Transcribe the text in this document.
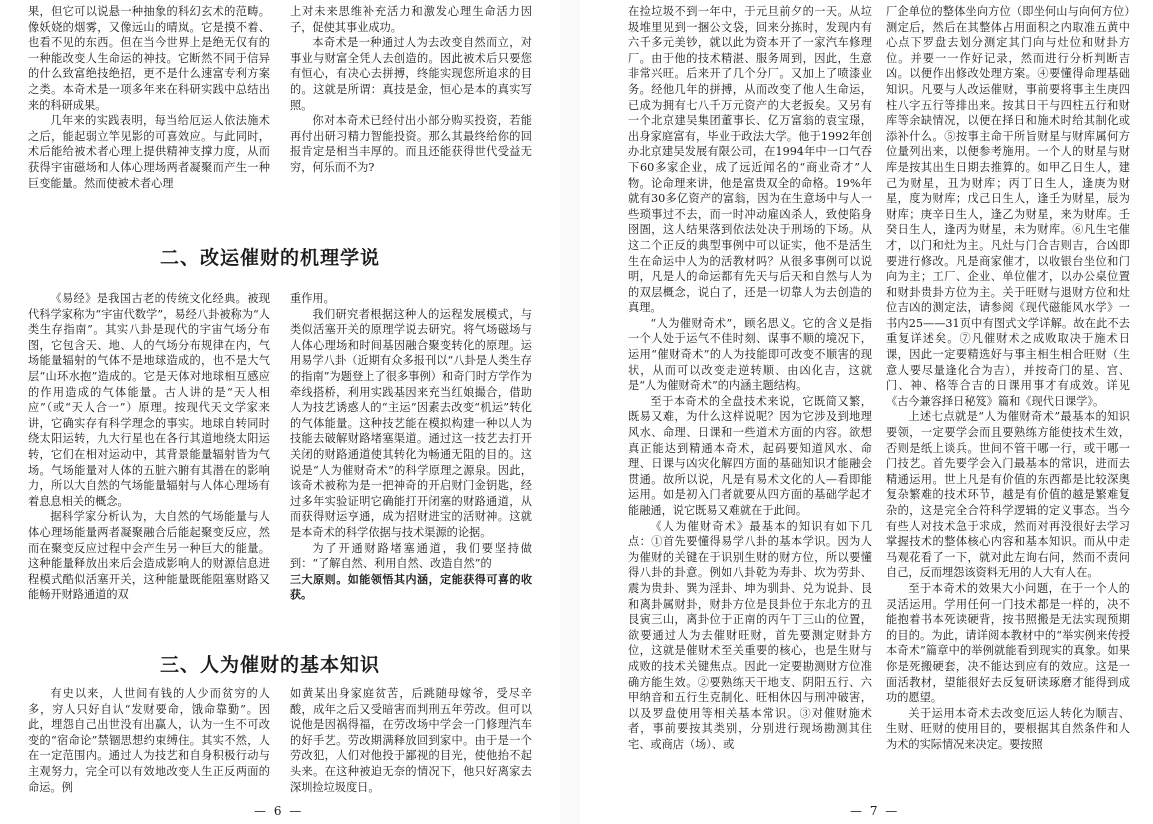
果，但它可以说悬一种抽象的科幻玄术的范畴。像妖娆的烟雾，又像远山的晴岚。它是摸不着、也看不见的东西。但在当今世界上是绝无仅有的一种能改变人生命运的神技。它断然不同于信异的什么致富绝技绝招，更不是什么速富专利方案之类。本奇术是一项多年来在科研实践中总结出来的科研成果。

几年来的实践表明，每当给厄运人依法施术之后，能起弱立竿见影的可喜效应。与此同时，术后能给被术者心理上提供精神支撑力度，从而获得宇宙磁场和人体心理场两者凝聚而产生一种巨变能量。然而使被术者心理

上对未来思维补充活力和激发心理生命活力因子，促使其事业成功。

本奇术是一种通过人为去改变自然而立，对事业与财富全凭人去创造的。因此被术后只要您有恒心，有决心去拼搏，终能实现您所追求的目的。这就是所谓：真技是金，恒心是本的真实写照。

你对本奇术已经付出小部分购买投资，若能再付出研习精力智能投资。那么其最终给你的回报肯定是相当丰厚的。而且还能获得世代受益无穷，何乐而不为?

二、改运催财的机理学说

《易经》是我国古老的传统文化经典。被现代科学家称为“宇宙代数学”，易经八卦被称为“人类生存指南”。其实八卦是现代的宇宙气场分布图，它包含天、地、人的气场分布规律在内，气场能量辐射的气体不是地球造成的，也不是大气层“山环水抱”造成的。它是天体对地球相互感应的作用造成的气体能量。古人讲的是“天人相应”（或“天人合一”）原理。按现代天文学家来讲，它确实存有科学理念的事实。地球自转同时绕太阳运转，九大行星也在各行其道地绕太阳运转，它们在相对运动中，其背景能量辐射皆为气场。气场能量对人体的五脏六腑有其潜在的影响力，所以大自然的气场能量辐射与人体心理场有着息息相关的概念。

据科学家分析认为，大自然的气场能量与人体心理场能量两者凝聚融合后能起聚变反应，然而在聚变反应过程中会产生另一种巨大的能量。这种能量释放出来后会造成影响人的财源信息进程模式酷似活塞开关，这种能量既能阻塞财路又能畅开财路通道的双

重作用。

我们研究者根据这种人的运程发展模式，与类似活塞开关的原理学说去研究。将气场磁场与人体心理场和时间基因融合聚变转化的原理。运用易学八卦（近期有众多报刊以“八卦是人类生存的指南”为题登上了很多事例）和奇门时方学作为牵线搭桥，利用实践基因来充当红娘撮合，借助人为技艺诱惑人的“主运”因素去改变“机运”转化的气体能量。这种技艺能在模拟构建一种以人为技能去破解财路堵塞渠道。通过这一技艺去打开关闭的财路通道使其转化为畅通无阻的目的。这说是“人为催财奇术”的科学原理之源泉。因此，该奇术被称为是一把神奇的开启财门金钥匙，经过多年实验证明它确能打开闭塞的财路通道，从而获得财运亨通，成为招财进宝的活财神。这就是本奇术的科学依据与技术渠源的论据。

为了开通财路堵塞通道，我们要坚持做到：“了解自然、利用自然、改造自然”的

三大原则。如能领悟其内涵，定能获得可喜的收获。

三、人为催财的基本知识

有史以来，人世间有钱的人少而贫穷的人多，穷人只好自认“发财要命，饿命靠勤”。因此，埋怨自己出世没有出赢人，认为一生不可改变的“宿命论”禁锢思想约束缚住。其实不然，人在一定范围内。通过人为技艺和自身积极行动与主观努力，完全可以有效地改变人生正反两面的命运。例

如黄某出身家庭贫苦，后跳随母嫁爷，受尽辛酸，成年之后又受暗害而判刑五年劳改。但可以说他是因祸得福，在劳改场中学会一门修理汽车的好手艺。劳改期满释放回到家中。由于是一个劳改犯，人们对他投于鄙视的目光，使他抬不起头来。在这种被迫无奈的情况下，他只好离家去深圳捡垃圾度日。

— 6 —

在捡垃圾不到一年中，于元旦前夕的一天。从垃圾堆里见到一捆公文袋，回来分拣时，发现内有六千多元美钞，就以此为资本开了一家汽车修理厂。由于他的技术精湛、服务周到，因此，生意非常兴旺。后来开了几个分厂。又加上了喷漆业务。经他几年的拼搏，从而改变了他人生命运，已成为拥有七八千万元资产的大老扳矣。又另有一个北京建吴集团董事长、亿万富翁的袁宝璟，出身家庭富有，毕业于政法大学。他于1992年创办北京建吴发展有限公司，在1994年中一口气吞下60多家企业，成了远近闻名的“商业奇才”人物。论命理来讲，他是富贵双全的命格。19%年就有30多亿资产的富翁，因为在生意场中与人一些琐事过不去，而一时冲动雇凶杀人，致使陷身囹圄，这人结果落到依法处决于刑场的下场。从这二个正反的典型事例中可以证实，他不是活生生在命运中人为的活教材吗？从很多事例可以说明，凡是人的命运都有先天与后天和自然与人为的双层概念，说白了，还是一切靠人为去创造的真理。

“人为催财奇术”，顾名思义。它的含义是指一个人处于运气不佳时刻、谋事不顺的境况下，运用“催财奇术”的人为技能即可改变不顺害的现状，从而可以改变走逆转顺、由凶化吉，这就是“人为催财奇术”的内涵主题结构。

至于本奇术的全盘技术来说，它既简又繁，既易又难，为什么这样说呢？因为它涉及到地理风水、命理、日课和一些道术方面的内容。欲想真正能达到精通本奇术，起码要知道风水、命理、日课与凶灾化解四方面的基础知识才能融会贯通。故所以说，凡是有易术文化的人—看即能运用。如是初入门者就要从四方面的基础学起才能融通，说它既易又难就在于此间。

《人为催财奇术》最基本的知识有如下几点：①首先要懂得易学八卦的基本学识。因为人为催财的关键在于识别生财的财方位，所以要懂得八卦的卦意。例如八卦乾为寿卦、坎为劳卦、震为贵卦、巽为淫卦、坤为驯卦、兑为说卦、艮和离卦属财卦，财卦方位是艮卦位于东北方的丑艮寅三山，离卦位于正南的丙午丁三山的位置，欲要通过人为去催财旺财，首先要测定财卦方位，这就是催财术至关重要的核心，也是生财与成败的技术关键焦点。因此一定要勘测财方位准确方能生效。②要熟练天干地支、阴阳五行、六甲纳音和五行生克制化、旺相休囚与刑冲破害，以及罗盘使用等相关基本常识。③对催财施术者，事前要按其类别，分别进行现场勘测其住宅、或商店（场）、或

厂企单位的整体坐向方位（即坐何山与向何方位）测定后，然后在其整体占用面积之内取准五黄中心点下罗盘去划分测定其门向与灶位和财卦方位。并要一一作好记录，然而进行分析判断吉凶。以便作出修改处理方案。④要懂得命理基础知识。凡要与人改运催财，事前要将事主生庚四柱八字五行等排出来。按其日干与四柱五行和财库等余缺情况，以便在择日和施术时给其制化或添补什么。⑤按事主命干所旨财星与财库属何方位量列出来，以便参考施用。一个人的财星与财库是按其出生日期去推算的。如甲乙日生人，建己为财星，丑为财库；丙丁日生人，逢庚为财星，度为财库；戊己日生人，逢壬为财星，辰为财库；庚辛日生人，逢乙为财星，来为财库。壬癸日生人，逢丙为财星，未为财库。⑥凡生宅催才，以门和灶为主。凡灶与门合吉则吉，合凶即要进行修改。凡是商家催才，以收银台坐位和门向为主；工厂、企业、单位催才，以办公桌位置和财卦贵卦方位为主。关于旺财与退财方位和灶位吉凶的测定法，请参阅《现代磁能风水学》一书内25——31页中有图式文学详解。故在此不去重复详述矣。⑦凡催财术之成败取决于施术日课，因此一定要精选好与事主相生相合旺财（生意人要尽量逢化合为吉），并按奇门的星、宫、门、神、格等合吉的日课用事才有成效。详见《古今兼容择日秘笈》篇和《现代日课学》。

上述七点就是“人为催财奇术”最基本的知识要领，一定要学会而且要熟练方能使技术生效，否则是纸上谈兵。世间不管干哪一行，或干哪一门技艺。首先要学会入门最基本的常识，进而去精通运用。世上凡是有价值的东西都是比较深奥复杂繁难的技术环节，越是有价值的越是繁难复杂的，这是完全合符科学逻辑的定义事态。当今有些人对技术急于求成，然而对再没很好去学习掌握技术的整体核心内容和基本知识。而从中走马观花看了一下，就对此左询右问，然而不责问自己，反而埋怨该资料无用的人大有人在。

至于本奇术的效果大小问题，在于一个人的灵活运用。学用任何一门技术都是一样的，决不能抱着书本死读硬背，按书照搬是无法实现预期的目的。为此，请详阅本教材中的“举实例来传授本奇术”篇章中的举例就能看到现实的真象。如果你是死搬硬套，决不能达到应有的效应。这是一面活教材，望能很好去反复研读琢磨才能得到成功的愿望。

关于运用本奇术去改变厄运人转化为顺吉、生财、旺财的使用目的，要根据其自然条件和人为术的实际情况来决定。要按照

— 7 —
